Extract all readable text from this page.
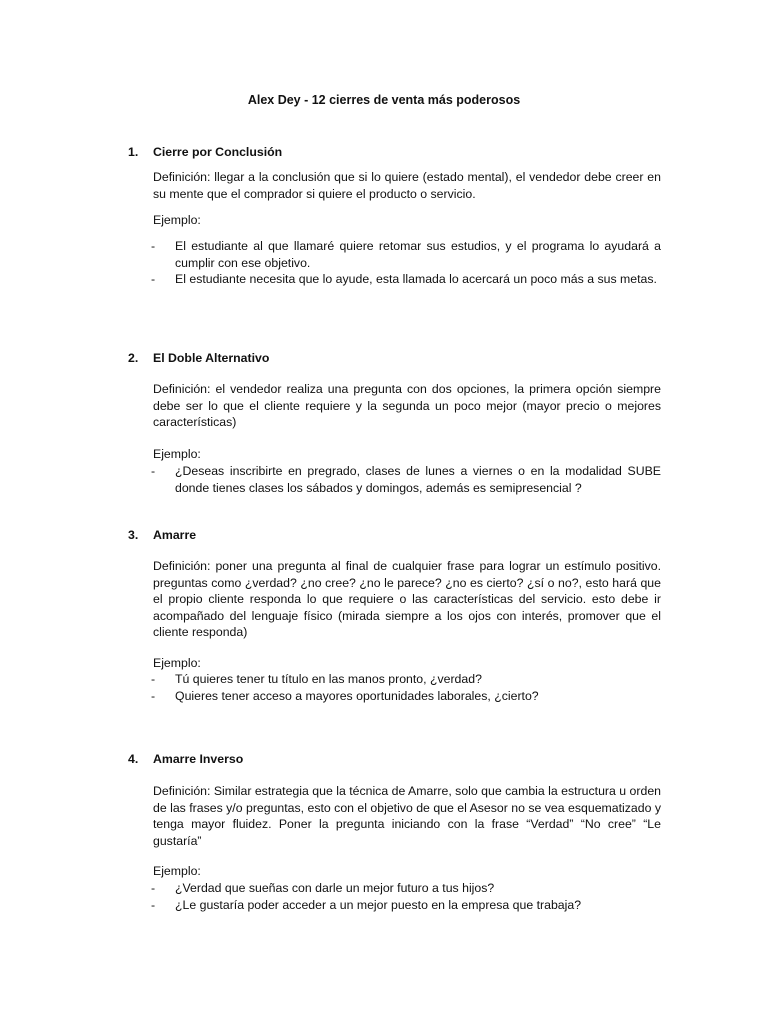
Alex Dey - 12 cierres de venta más poderosos
1. Cierre por Conclusión

Definición: llegar a la conclusión que si lo quiere (estado mental), el vendedor debe creer en su mente que el comprador si quiere el producto o servicio.

Ejemplo:

- El estudiante al que llamaré quiere retomar sus estudios, y el programa lo ayudará a cumplir con ese objetivo.
- El estudiante necesita que lo ayude, esta llamada lo acercará un poco más a sus metas.
2. El Doble Alternativo

Definición: el vendedor realiza una pregunta con dos opciones, la primera opción siempre debe ser lo que el cliente requiere y la segunda un poco mejor (mayor precio o mejores características)

Ejemplo:

- ¿Deseas inscribirte en pregrado, clases de lunes a viernes o en la modalidad SUBE donde tienes clases los sábados y domingos, además es semipresencial ?
3. Amarre

Definición: poner una pregunta al final de cualquier frase para lograr un estímulo positivo. preguntas como ¿verdad? ¿no cree? ¿no le parece? ¿no es cierto? ¿sí o no?, esto hará que el propio cliente responda lo que requiere o las características del servicio. esto debe ir acompañado del lenguaje físico (mirada siempre a los ojos con interés, promover que el cliente responda)

Ejemplo:

- Tú quieres tener tu título en las manos pronto, ¿verdad?
- Quieres tener acceso a mayores oportunidades laborales, ¿cierto?
4. Amarre Inverso

Definición: Similar estrategia que la técnica de Amarre, solo que cambia la estructura u orden de las frases y/o preguntas, esto con el objetivo de que el Asesor no se vea esquematizado y tenga mayor fluidez. Poner la pregunta iniciando con la frase “Verdad” “No cree” “Le gustaría”

Ejemplo:

- ¿Verdad que sueñas con darle un mejor futuro a tus hijos?
- ¿Le gustaría poder acceder a un mejor puesto en la empresa que trabaja?
